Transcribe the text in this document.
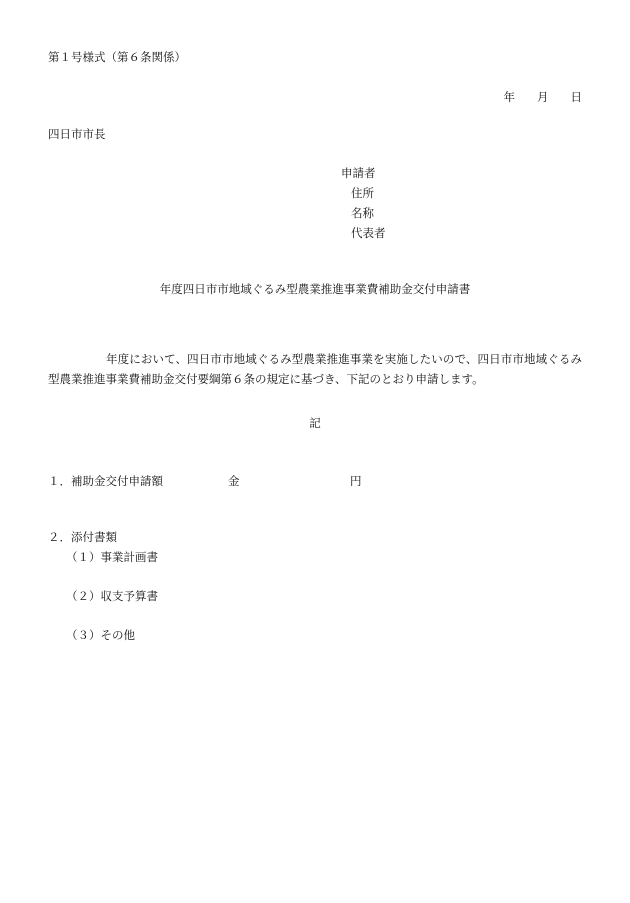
第１号様式（第６条関係）

年 月 日

四日市市長

申請者

住所

名称

代表者

年度四日市市地域ぐるみ型農業推進事業費補助金交付申請書

年度において、四日市市地域ぐるみ型農業推進事業を実施したいので、四日市市地域ぐるみ型農業推進事業費補助金交付要綱第６条の規定に基づき、下記のとおり申請します。

記

１．補助金交付申請額	金	円

２．添付書類

（１）事業計画書

（２）収支予算書

（３）その他
